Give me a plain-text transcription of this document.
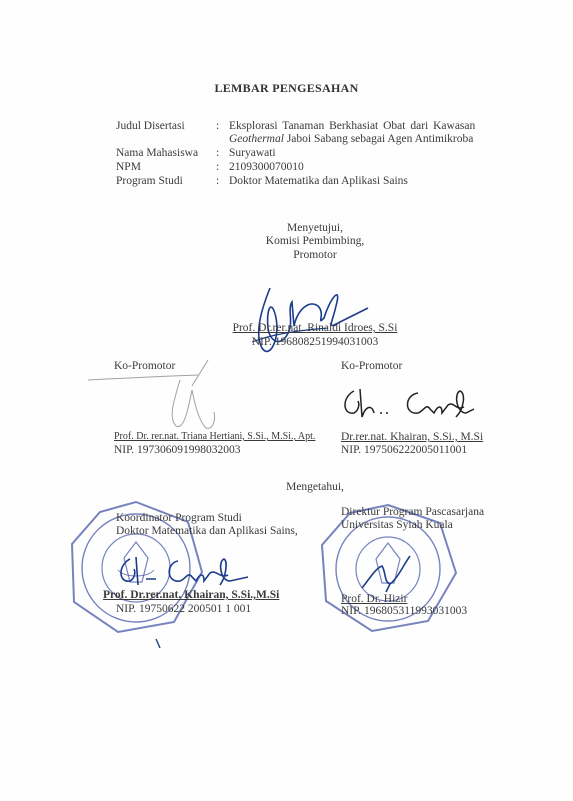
LEMBAR PENGESAHAN
Judul Disertasi	: Eksplorasi Tanaman Berkhasiat Obat dari Kawasan
Geothermal Jaboi Sabang sebagai Agen Antimikroba
Nama Mahasiswa : Suryawati
NPM	: 2109300070010
Program Studi	: Doktor Matematika dan Aplikasi Sains
Menyetujui,
Komisi Pembimbing,
Promotor
Prof. Dr.rer.nat. Rinaldi Idroes, S.Si
NIP. 196808251994031003
Ko-Promotor	Ko-Promotor
Prof. Dr. rer.nat. Triana Hertiani, S.Si., M.Si., Apt.
NIP. 197306091998032003
Dr.rer.nat. Khairan, S.Si., M.Si
NIP. 197506222005011001
Mengetahui,
Koordinator Program Studi
Doktor Matematika dan Aplikasi Sains,
Prof. Dr.rer.nat. Khairan, S.Si.,M.Si
NIP. 19750622 200501 1 001
Direktur Program Pascasarjana
Universitas Syiah Kuala
Prof. Dr. Hizir
NIP. 196805311993031003
